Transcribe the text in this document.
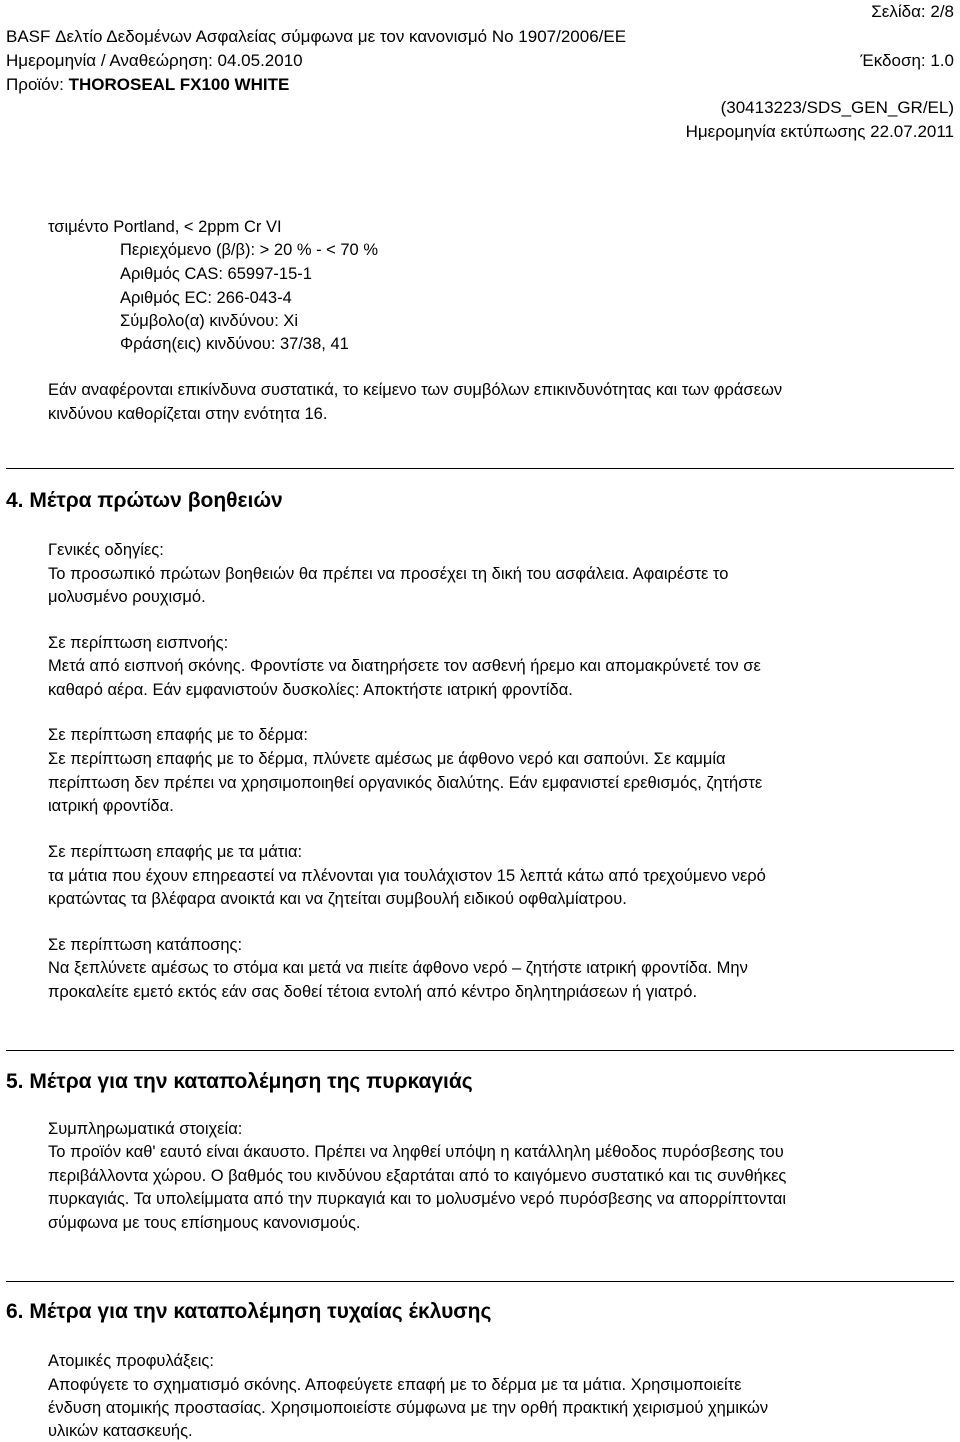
Σελίδα: 2/8
BASF Δελτίο Δεδομένων Ασφαλείας σύμφωνα με τον κανονισμό No 1907/2006/EE
Ημερομηνία / Αναθεώρηση: 04.05.2010	Έκδοση: 1.0
Προϊόν: THOROSEAL FX100 WHITE
(30413223/SDS_GEN_GR/EL)
Ημερομηνία εκτύπωσης 22.07.2011
τσιμέντο Portland, < 2ppm Cr VI
Περιεχόμενο (β/β): > 20 % - < 70 %
Αριθμός CAS: 65997-15-1
Αριθμός EC: 266-043-4
Σύμβολο(α) κινδύνου: Xi
Φράση(εις) κινδύνου: 37/38, 41
Εάν αναφέρονται επικίνδυνα συστατικά, το κείμενο των συμβόλων επικινδυνότητας και των φράσεων
κινδύνου καθορίζεται στην ενότητα 16.
4. Μέτρα πρώτων βοηθειών
Γενικές οδηγίες:
Το προσωπικό πρώτων βοηθειών θα πρέπει να προσέχει τη δική του ασφάλεια. Αφαιρέστε το
μολυσμένο ρουχισμό.
Σε περίπτωση εισπνοής:
Μετά από εισπνοή σκόνης. Φροντίστε να διατηρήσετε τον ασθενή ήρεμο και απομακρύνετέ τον σε
καθαρό αέρα. Εάν εμφανιστούν δυσκολίες: Αποκτήστε ιατρική φροντίδα.
Σε περίπτωση επαφής με το δέρμα:
Σε περίπτωση επαφής με το δέρμα, πλύνετε αμέσως με άφθονο νερό και σαπούνι. Σε καμμία
περίπτωση δεν πρέπει να χρησιμοποιηθεί οργανικός διαλύτης. Εάν εμφανιστεί ερεθισμός, ζητήστε
ιατρική φροντίδα.
Σε περίπτωση επαφής με τα μάτια:
τα μάτια που έχουν επηρεαστεί να πλένονται για τουλάχιστον 15 λεπτά κάτω από τρεχούμενο νερό
κρατώντας τα βλέφαρα ανοικτά και να ζητείται συμβουλή ειδικού οφθαλμίατρου.
Σε περίπτωση κατάποσης:
Να ξεπλύνετε αμέσως το στόμα και μετά να πιείτε άφθονο νερό – ζητήστε ιατρική φροντίδα. Μην
προκαλείτε εμετό εκτός εάν σας δοθεί τέτοια εντολή από κέντρο δηλητηριάσεων ή γιατρό.
5. Μέτρα για την καταπολέμηση της πυρκαγιάς
Συμπληρωματικά στοιχεία:
Το προϊόν καθ' εαυτό είναι άκαυστο. Πρέπει να ληφθεί υπόψη η κατάλληλη μέθοδος πυρόσβεσης του
περιβάλλοντα χώρου. Ο βαθμός του κινδύνου εξαρτάται από το καιγόμενο συστατικό και τις συνθήκες
πυρκαγιάς. Τα υπολείμματα από την πυρκαγιά και το μολυσμένο νερό πυρόσβεσης να απορρίπτονται
σύμφωνα με τους επίσημους κανονισμούς.
6. Μέτρα για την καταπολέμηση τυχαίας έκλυσης
Ατομικές προφυλάξεις:
Αποφύγετε το σχηματισμό σκόνης. Αποφεύγετε επαφή με το δέρμα με τα μάτια. Χρησιμοποιείτε
ένδυση ατομικής προστασίας. Χρησιμοποιείστε σύμφωνα με την ορθή πρακτική χειρισμού χημικών
υλικών κατασκευής.
